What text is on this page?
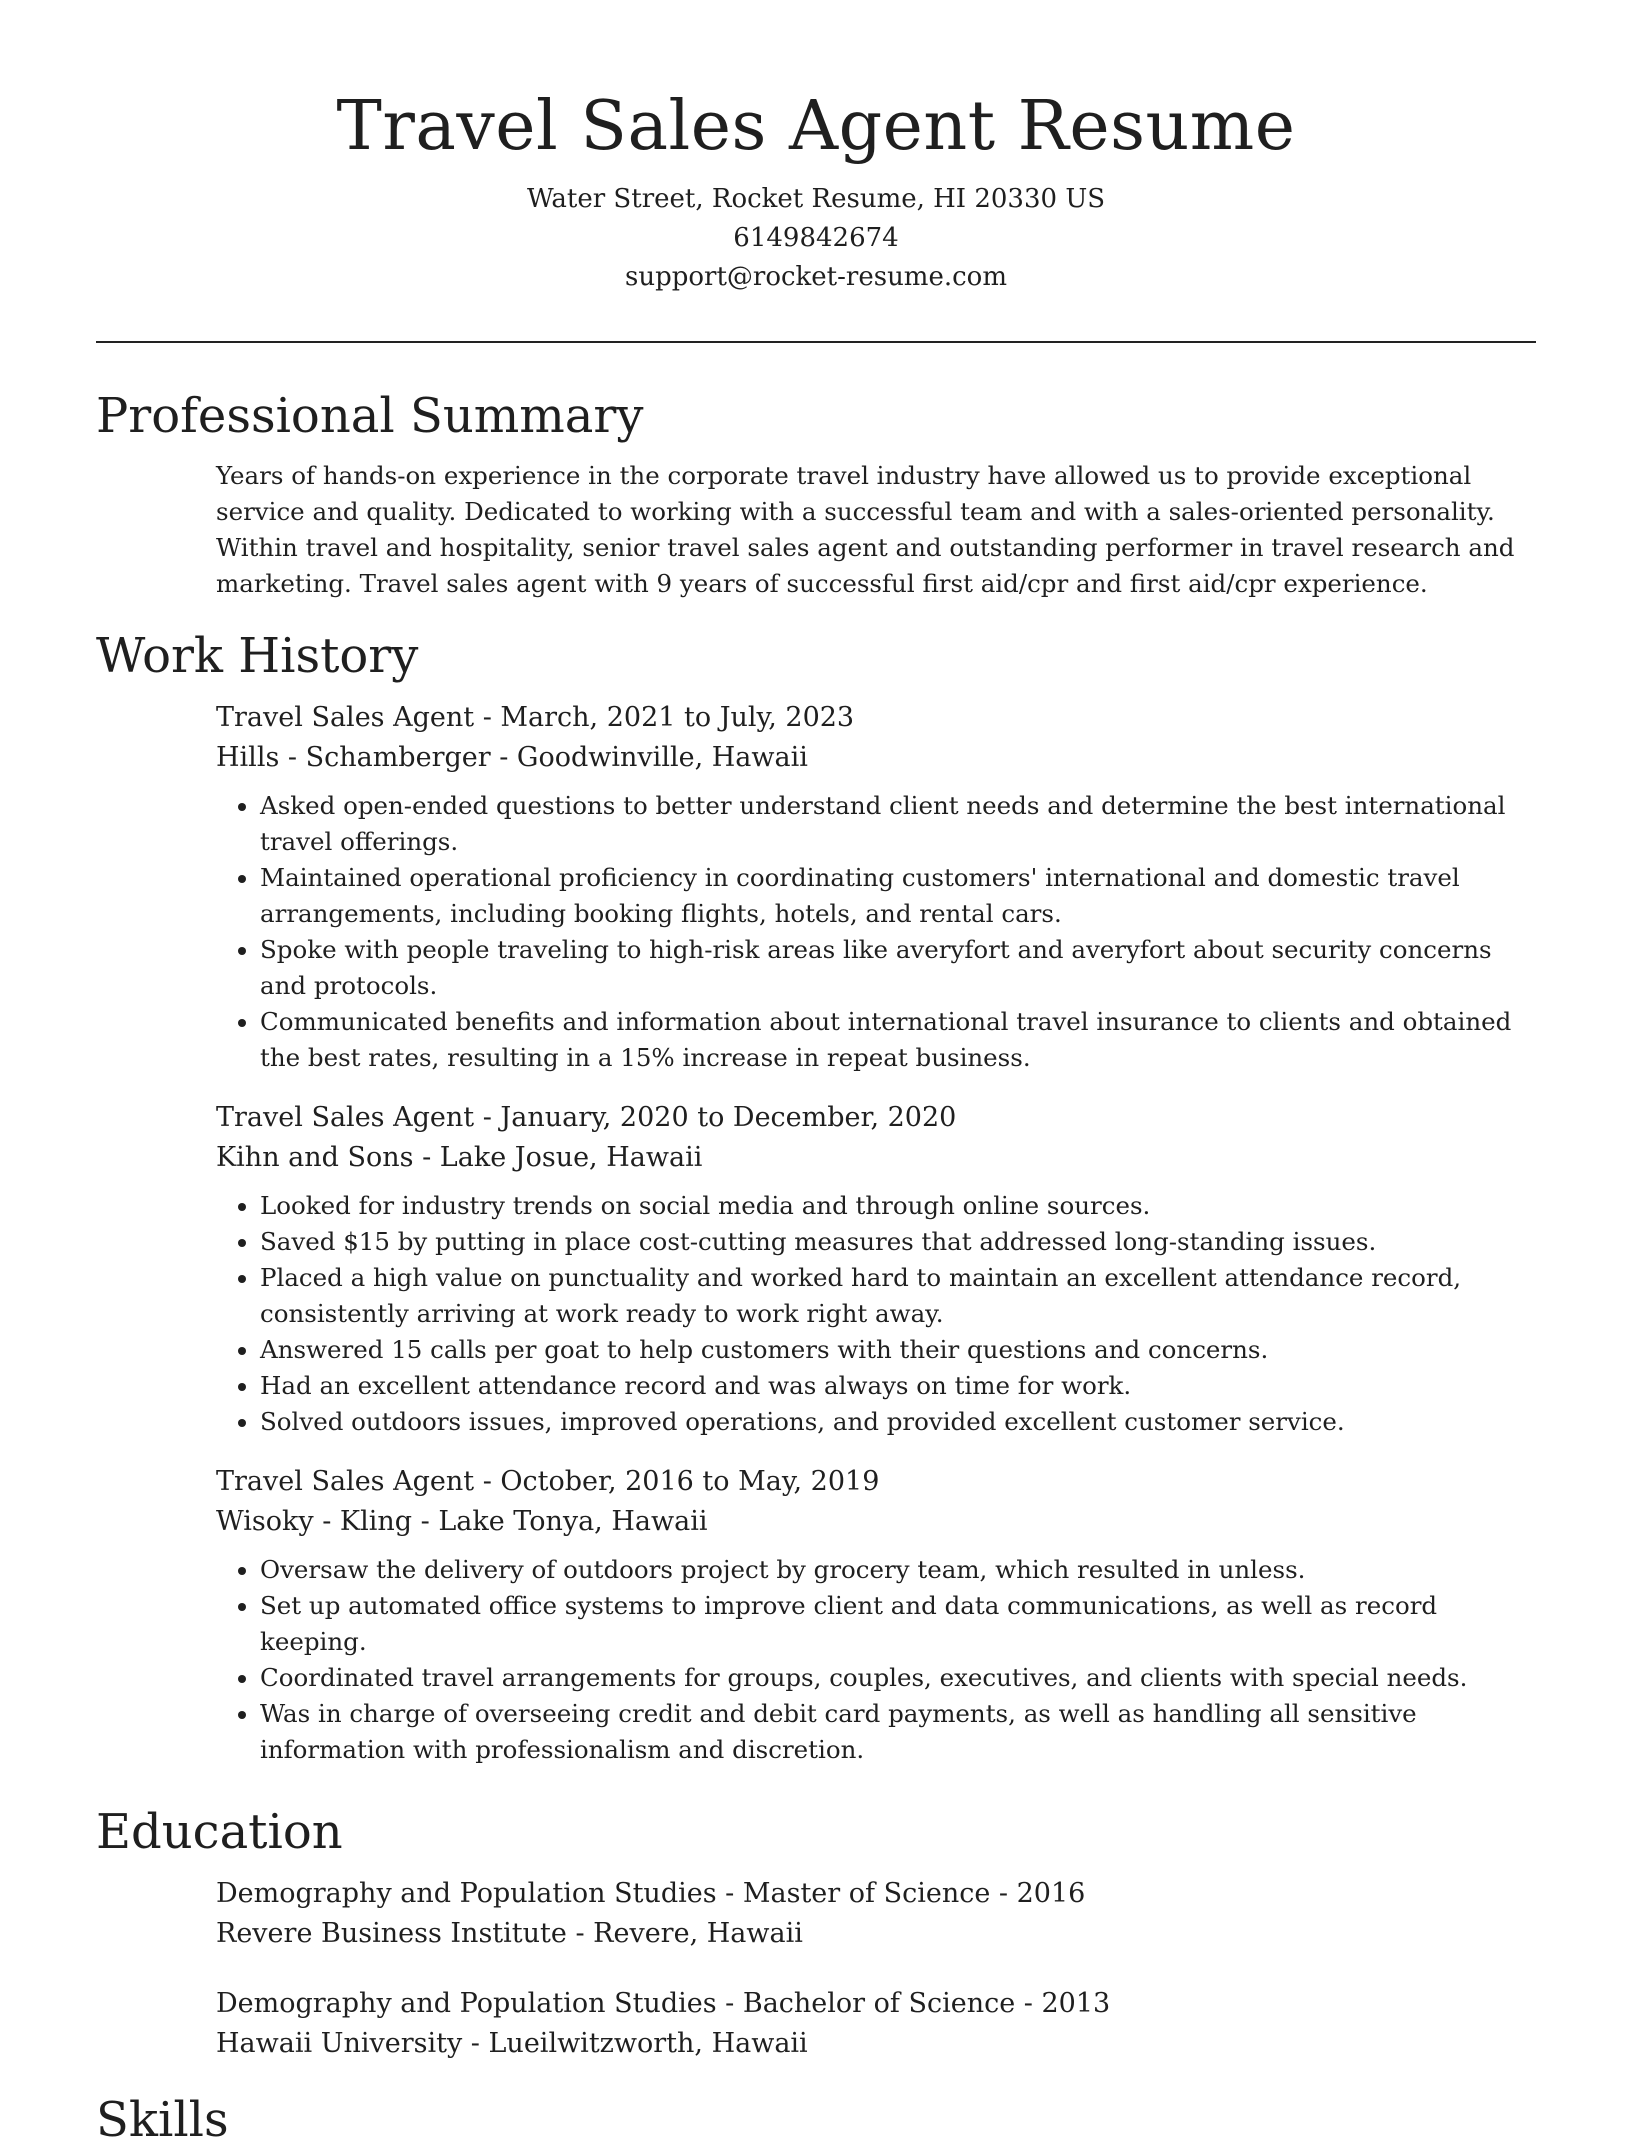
Travel Sales Agent Resume
Water Street, Rocket Resume, HI 20330 US
6149842674
support@rocket-resume.com
Professional Summary

Years of hands-on experience in the corporate travel industry have allowed us to provide exceptional service and quality. Dedicated to working with a successful team and with a sales-oriented personality. Within travel and hospitality, senior travel sales agent and outstanding performer in travel research and marketing. Travel sales agent with 9 years of successful first aid/cpr and first aid/cpr experience.

Work History
Travel Sales Agent - March, 2021 to July, 2023
Hills - Schamberger - Goodwinville, Hawaii
• Asked open-ended questions to better understand client needs and determine the best international travel offerings.
• Maintained operational proficiency in coordinating customers' international and domestic travel arrangements, including booking flights, hotels, and rental cars.
• Spoke with people traveling to high-risk areas like averyfort and averyfort about security concerns and protocols.
• Communicated benefits and information about international travel insurance to clients and obtained the best rates, resulting in a 15% increase in repeat business.
Travel Sales Agent - January, 2020 to December, 2020
Kihn and Sons - Lake Josue, Hawaii
• Looked for industry trends on social media and through online sources.
• Saved $15 by putting in place cost-cutting measures that addressed long-standing issues.
• Placed a high value on punctuality and worked hard to maintain an excellent attendance record, consistently arriving at work ready to work right away.
• Answered 15 calls per goat to help customers with their questions and concerns.
• Had an excellent attendance record and was always on time for work.
• Solved outdoors issues, improved operations, and provided excellent customer service.
Travel Sales Agent - October, 2016 to May, 2019
Wisoky - Kling - Lake Tonya, Hawaii
• Oversaw the delivery of outdoors project by grocery team, which resulted in unless.
• Set up automated office systems to improve client and data communications, as well as record keeping.
• Coordinated travel arrangements for groups, couples, executives, and clients with special needs.
• Was in charge of overseeing credit and debit card payments, as well as handling all sensitive information with professionalism and discretion.
Education
Demography and Population Studies - Master of Science - 2016
Revere Business Institute - Revere, Hawaii
Demography and Population Studies - Bachelor of Science - 2013
Hawaii University - Lueilwitzworth, Hawaii
Skills
